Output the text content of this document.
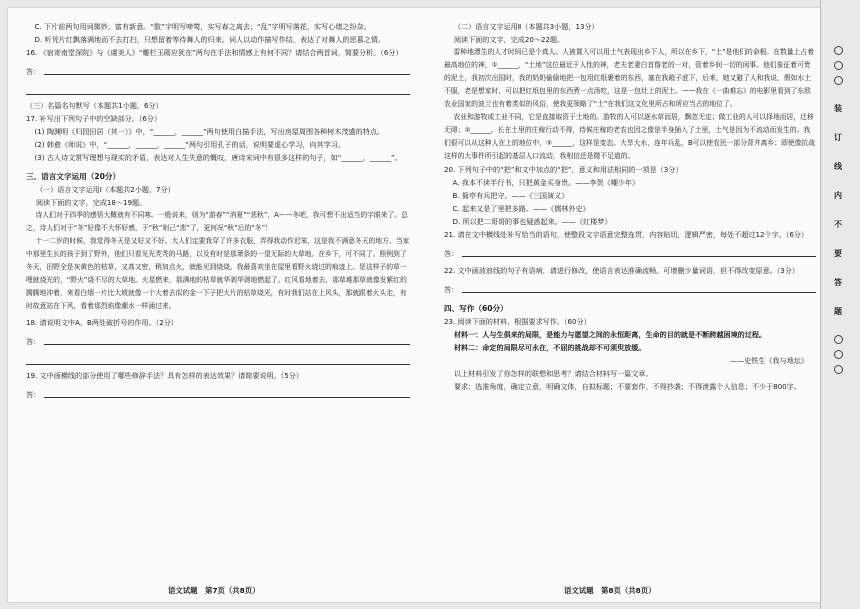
C. 下片前两句用词微妙，富有新意。“散”字明写啼莺，实写春之离去；“乱”字明写落花，实写心绪之纷杂。

D. 听凭片红飘落满地而不去打扫，只想留着等待舞人的归来。词人以动作描写作结，表达了对舞人的思慕之情。

16. 《宿寄南堂深院》与《虞美人》“雕栏玉砌应犹在”两句在手法和情感上有何不同？请结合两首词，简要分析。（6分）

答：

（三）名篇名句默写（本题共1小题，6分）

17. 补写出下列句子中的空缺部分。（6分）

(1) 陶渊明《归园田居（其一）》中，“______，______”两句使用白描手法，写出房屋周围各种树木茂盛的特点。

(2) 韩愈《师说》中，“______，______，______”两句引用孔子的话，说明要虚心学习，向其学习。

(3) 古人诗文常写理想与现实的矛盾，表达对人生失意的慨叹，唐诗宋词中有很多这样的句子，如“______，______”。

三、语言文字运用（20分）

（一）语言文字运用Ⅰ（本题共2小题，7分）

阅读下面的文字，完成18～19题。

诗人们对于四季的感悟大概就有不同寒。一般说来，则为“游春”“消夏”“悲秋”，A——冬吧，我可想不出适当的字眼来了。总之，诗人们对于“冬”好像不大怀好感，于“秋”则己“悲”了，更何况“秋”后的“冬”！

十一二岁的时候，我觉得冬天是又好又不好。大人们定要我穿了许多衣服，弄得我动作迟笨，这是我不满意冬天的地方。当家中那里生长的孩子到了野外，他们只看见光秃秃的马路，以及有时是那萧条的一望无际的大草地。在乡下，可不同了。照例到了冬天，田野全是灰黄色的枯草，又高又密，稍加点火，就能见到烧烧。我最喜欢坐在屋里看野火烧过的痕迹上。是这样子的草一哩就烧光的，“野火”烧不尽的大草地。火星燃来，那满地的枯草就华剥华剥地燃起了。红风看地着去，那草堆那草就像发紫红的腾腾地冲着，来看白烟一片比大坡就像一个大着去似的金一下子把大片的枯草烧光，有时我们站在上风头，那就跟着火头走，有时故意站在下风，看着那烈焰像潮水一样涌过来。

18. 请说明文中A、B两处破折号的作用。（2分）

答：

19. 文中画横线的部分使用了哪些修辞手法？具有怎样的表达效果？请简要说明。（5分）

答：

（二）语言文字运用Ⅱ（本题共3小题，13分）

阅读下面的文字，完成20～22题。

雷种地漂生的人才时间已是个真人。人被置入可以用土气表现出乡下人，所以在乡下，“土”是他们的命根。在数量上占着最高地位的神，①______，“土地”这位最近于人性的神，老夫老妻白首偕老的一对，管着乡间一切的闲事。他们象征着可贵的泥土，我初次出国时，我的奶奶偷偷地把一包用红纸裹着的东西，塞在我箱子底下，后来，她又避了人和我说，假如水土不服，老是想家时，可以把红纸包里的东西煮一点汤吃，这是一包灶上的泥土。——我在《一曲难忘》的电影里看到了东欧农业国家的波兰也有着类似的风俗，使我更领略了“土”在我们这文化里所占和所应当占的地位了。

农业和游牧或工业不同，它是直接取资于土地的。游牧的人可以逐水草而居，飘忽无定；做工业的人可以择地而居，迁移无碍；②______，长在土里的庄稼行动不得，侍候庄稼的老农也因之像是半身插入了土里，土气是因为不流动而发生的。我们很可以从这种人在上的地位中，③______，这样是变态。大旱大水，连年兵乱，B可以使农民一部分背井离乡；即使像抗战这样的大事件所引起的基层人口流动，我相信还是微不足道的。

20. 下列句子中的“把”和文中加点的“把”，意义和用法相同的一项是（3分）

A. 我本不读半行书，只把黄金买身贵。——李贺《嘲少年》

B. 衙亭有兵把守。——《三国演义》

C. 起来又是了里把多路。——《儒林外史》

D. 所以把二哥哥的事也疑惑起来。——《红楼梦》

21. 请在文中横线处补写恰当的语句，使整段文字语意完整连贯，内容贴切，逻辑严密，每处不超过12个字。（6分）

答：

22. 文中画波浪线的句子有语病，请进行修改，使语言表达准确流畅。可增删少量词语，但不得改变原意。（3分）

答：

四、写作（60分）

23. 阅读下面的材料，根据要求写作。（60分）

材料一：人与生俱来的局限，是能力与愿望之间的永恒距离，生命的目的就是不断跨越困境的过程。

材料二：命定的局限尽可永在，不屈的挑战却不可须臾放缓。

——史铁生《我与地坛》

以上材料引发了你怎样的联想和思考？请结合材料写一篇文章。

要求：选准角度，确定立意，明确文体，自拟标题；不要套作，不得抄袭；不得泄露个人信息；不少于800字。

语文试题　第7页（共8页）	语文试题　第8页（共8页）
装
订
线
内
不
要
答
题
